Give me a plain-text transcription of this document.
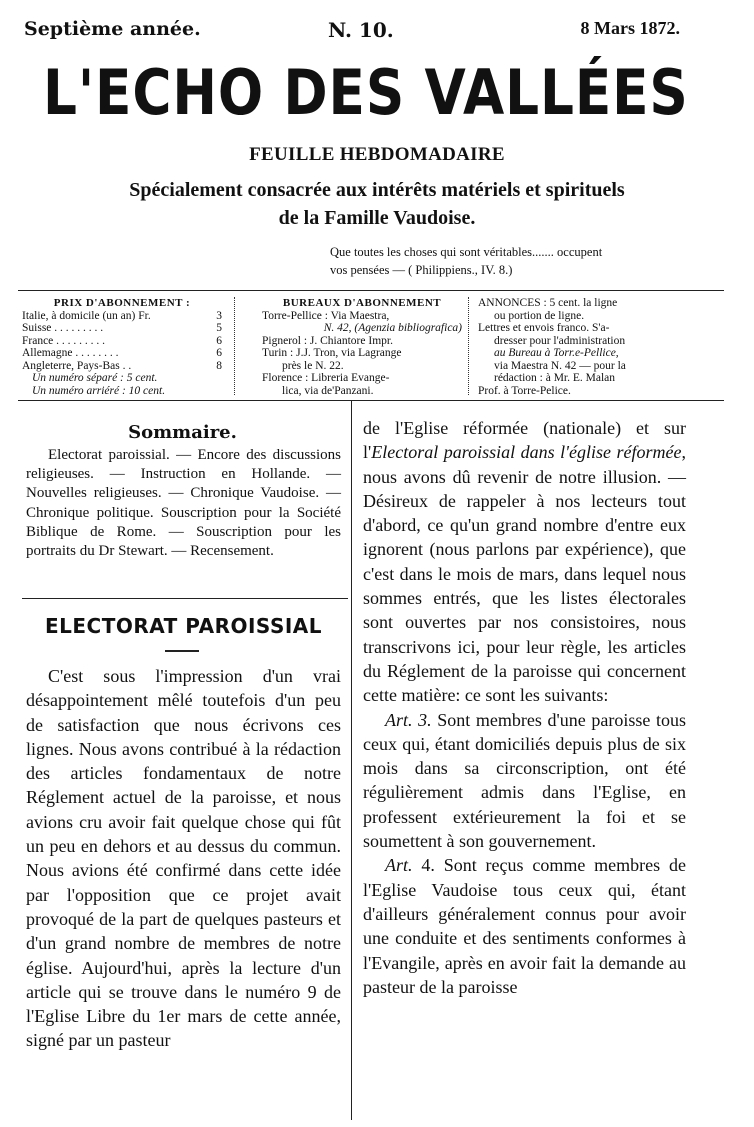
Septième année.	N. 10.	8 Mars 1872.
L'ECHO DES VALLÉES
FEUILLE HEBDOMADAIRE
Spécialement consacrée aux intérêts matériels et spirituels
de la Famille Vaudoise.
Que toutes les choses qui sont véritables....... occupent
vos pensées — ( Philippiens., IV. 8.)
PRIX D'ABONNEMENT :
Italie, à domicile (un an) Fr.	3
Suisse . . . . . . . . .	5
France . . . . . . . . .	6
Allemagne . . . . . . . .	6
Angleterre, Pays-Bas . .	8
Un numéro séparé : 5 cent.
Un numéro arriéré : 10 cent.
BUREAUX D'ABONNEMENT
Torre-Pellice : Via Maestra,
N. 42, (Agenzia bibliografica)
Pignerol : J. Chiantore Impr.
Turin : J.J. Tron, via Lagrange
près le N. 22.
Florence : Libreria Evange-
lica, via de'Panzani.
ANNONCES : 5 cent. la ligne
ou portion de ligne.
Lettres et envois franco. S'a-
dresser pour l'administration
au Bureau à Torr.e-Pellice,
via Maestra N. 42 — pour la
rédaction : à Mr. E. Malan
Prof. à Torre-Pelice.
Sommaire.
Electorat paroissial. — Encore des discussions religieuses. — Instruction en Hollande. — Nouvelles religieuses. — Chronique Vaudoise. — Chronique politique. Souscription pour la Société Biblique de Rome. — Souscription pour les portraits du Dr Stewart. — Recensement.
ELECTORAT PAROISSIAL
C'est sous l'impression d'un vrai désappointement mêlé toutefois d'un peu de satisfaction que nous écrivons ces lignes. Nous avons contribué à la rédaction des articles fondamentaux de notre Réglement actuel de la paroisse, et nous avions cru avoir fait quelque chose qui fût un peu en dehors et au dessus du commun. Nous avions été confirmé dans cette idée par l'opposition que ce projet avait provoqué de la part de quelques pasteurs et d'un grand nombre de membres de notre église. Aujourd'hui, après la lecture d'un article qui se trouve dans le numéro 9 de l'Eglise Libre du 1er mars de cette année, signé par un pasteur

de l'Eglise réformée (nationale) et sur l'Electoral paroissial dans l'église réformée, nous avons dû revenir de notre illusion. — Désireux de rappeler à nos lecteurs tout d'abord, ce qu'un grand nombre d'entre eux ignorent (nous parlons par expérience), que c'est dans le mois de mars, dans lequel nous sommes entrés, que les listes électorales sont ouvertes par nos consistoires, nous transcrivons ici, pour leur règle, les articles du Réglement de la paroisse qui concernent cette matière: ce sont les suivants:

Art. 3. Sont membres d'une paroisse tous ceux qui, étant domiciliés depuis plus de six mois dans sa circonscription, ont été régulièrement admis dans l'Eglise, en professent extérieurement la foi et se soumettent à son gouvernement.

Art. 4. Sont reçus comme membres de l'Eglise Vaudoise tous ceux qui, étant d'ailleurs généralement connus pour avoir une conduite et des sentiments conformes à l'Evangile, après en avoir fait la demande au pasteur de la paroisse
